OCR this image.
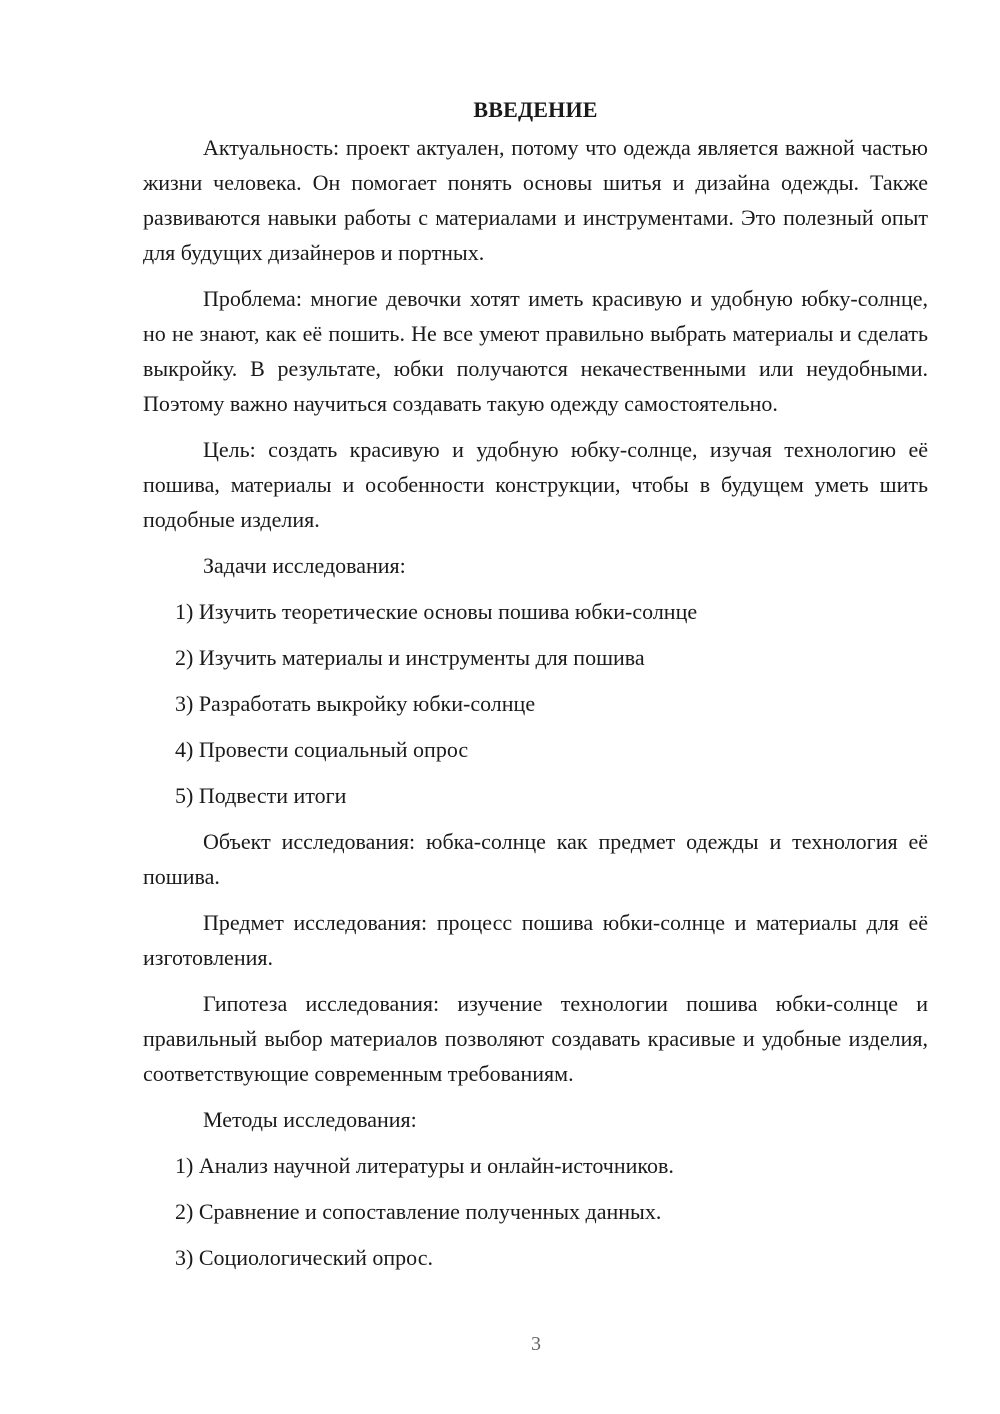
ВВЕДЕНИЕ

Актуальность: проект актуален, потому что одежда является важной частью жизни человека. Он помогает понять основы шитья и дизайна одежды. Также развиваются навыки работы с материалами и инструментами. Это полезный опыт для будущих дизайнеров и портных.

Проблема: многие девочки хотят иметь красивую и удобную юбку-солнце, но не знают, как её пошить. Не все умеют правильно выбрать материалы и сделать выкройку. В результате, юбки получаются некачественными или неудобными. Поэтому важно научиться создавать такую одежду самостоятельно.

Цель: создать красивую и удобную юбку-солнце, изучая технологию её пошива, материалы и особенности конструкции, чтобы в будущем уметь шить подобные изделия.

Задачи исследования:
1) Изучить теоретические основы пошива юбки-солнце
2) Изучить материалы и инструменты для пошива
3) Разработать выкройку юбки-солнце
4) Провести социальный опрос
5) Подвести итоги

Объект исследования: юбка-солнце как предмет одежды и технология её пошива.

Предмет исследования: процесс пошива юбки-солнце и материалы для её изготовления.

Гипотеза исследования: изучение технологии пошива юбки-солнце и правильный выбор материалов позволяют создавать красивые и удобные изделия, соответствующие современным требованиям.

Методы исследования:
1) Анализ научной литературы и онлайн-источников.
2) Сравнение и сопоставление полученных данных.
3) Социологический опрос.
3
